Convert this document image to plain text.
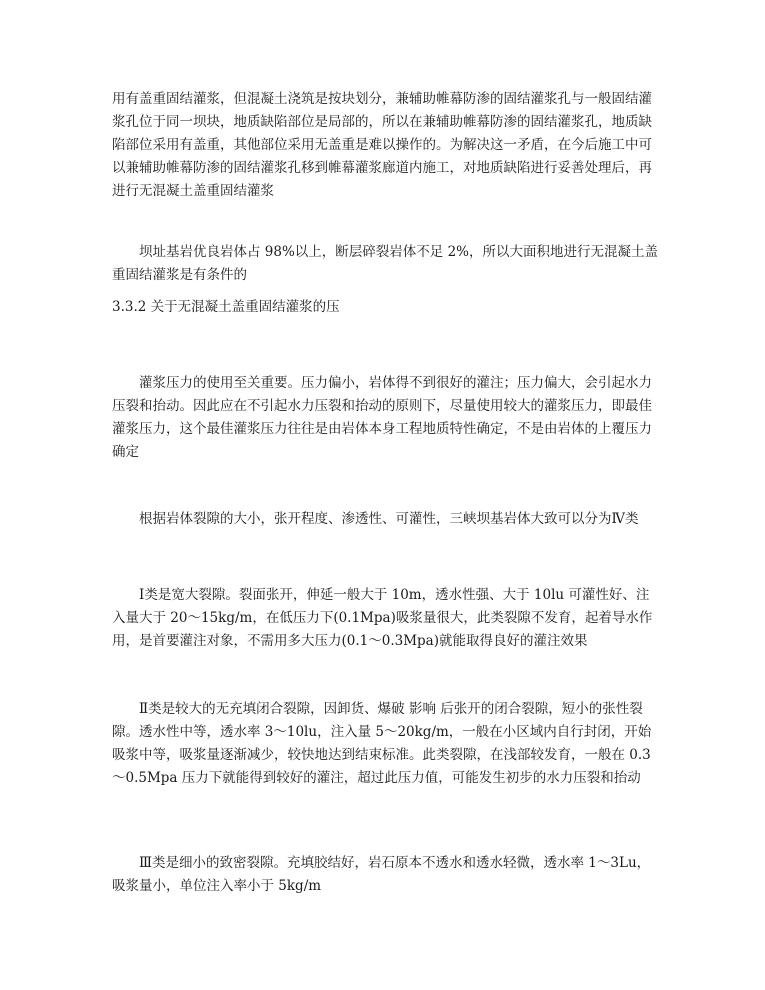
用有盖重固结灌浆，但混凝土浇筑是按块划分，兼辅助帷幕防渗的固结灌浆孔与一般固结灌浆孔位于同一坝块，地质缺陷部位是局部的，所以在兼辅助帷幕防渗的固结灌浆孔，地质缺陷部位采用有盖重，其他部位采用无盖重是难以操作的。为解决这一矛盾，在今后施工中可以兼辅助帷幕防渗的固结灌浆孔移到帷幕灌浆廊道内施工，对地质缺陷进行妥善处理后，再进行无混凝土盖重固结灌浆

坝址基岩优良岩体占 98%以上，断层碎裂岩体不足 2%，所以大面积地进行无混凝土盖重固结灌浆是有条件的

3.3.2 关于无混凝土盖重固结灌浆的压

灌浆压力的使用至关重要。压力偏小，岩体得不到很好的灌注；压力偏大，会引起水力压裂和抬动。因此应在不引起水力压裂和抬动的原则下，尽量使用较大的灌浆压力，即最佳灌浆压力，这个最佳灌浆压力往往是由岩体本身工程地质特性确定，不是由岩体的上覆压力确定

根据岩体裂隙的大小，张开程度、渗透性、可灌性，三峡坝基岩体大致可以分为Ⅳ类

Ⅰ类是宽大裂隙。裂面张开，伸延一般大于 10m，透水性强、大于 10lu 可灌性好、注入量大于 20～15kg/m，在低压力下(0.1Mpa)吸浆量很大，此类裂隙不发育，起着导水作用，是首要灌注对象，不需用多大压力(0.1～0.3Mpa)就能取得良好的灌注效果

Ⅱ类是较大的无充填闭合裂隙，因卸货、爆破 影响 后张开的闭合裂隙，短小的张性裂隙。透水性中等，透水率 3～10lu，注入量 5～20kg/m，一般在小区域内自行封闭，开始吸浆中等，吸浆量逐渐减少，较快地达到结束标准。此类裂隙，在浅部较发育，一般在 0.3～0.5Mpa 压力下就能得到较好的灌注，超过此压力值，可能发生初步的水力压裂和抬动

Ⅲ类是细小的致密裂隙。充填胶结好，岩石原本不透水和透水轻微，透水率 1～3Lu，吸浆量小，单位注入率小于 5kg/m
